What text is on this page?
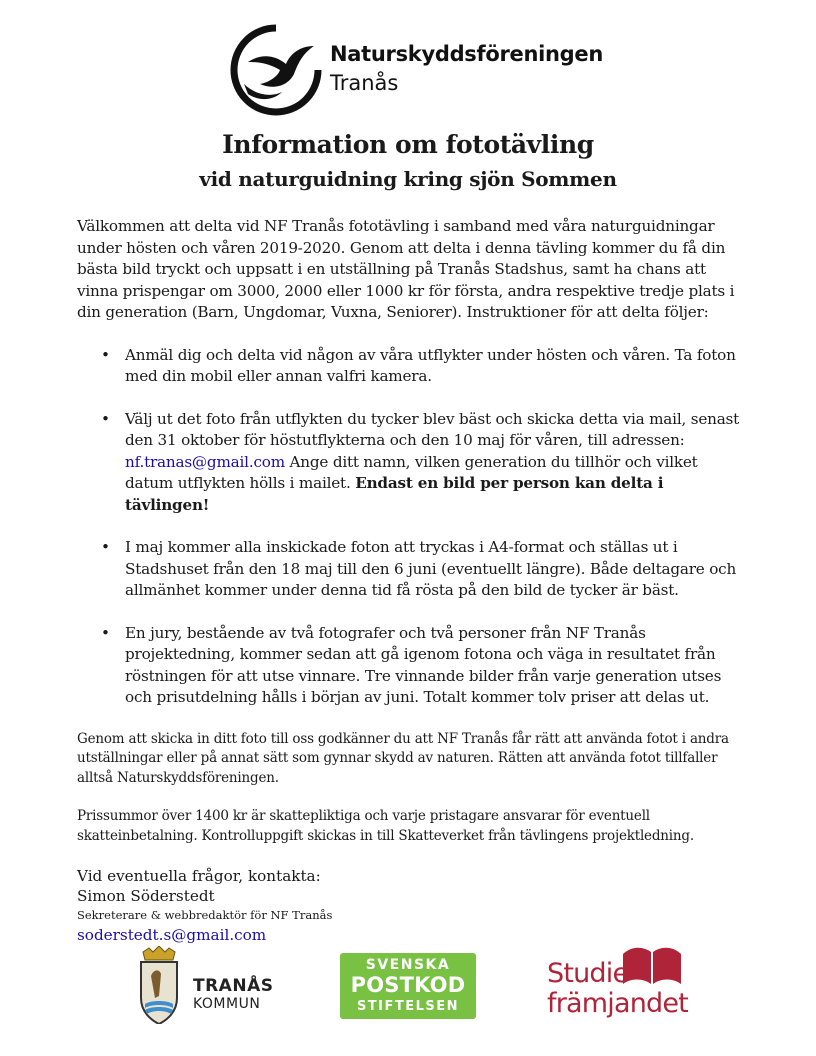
Naturskyddsföreningen
Tranås
Information om fototävling
vid naturguidning kring sjön Sommen

Välkommen att delta vid NF Tranås fototävling i samband med våra naturguidningar under hösten och våren 2019-2020. Genom att delta i denna tävling kommer du få din bästa bild tryckt och uppsatt i en utställning på Tranås Stadshus, samt ha chans att vinna prispengar om 3000, 2000 eller 1000 kr för första, andra respektive tredje plats i din generation (Barn, Ungdomar, Vuxna, Seniorer). Instruktioner för att delta följer:

• Anmäl dig och delta vid någon av våra utflykter under hösten och våren. Ta foton med din mobil eller annan valfri kamera.
• Välj ut det foto från utflykten du tycker blev bäst och skicka detta via mail, senast den 31 oktober för höstutflykterna och den 10 maj för våren, till adressen: nf.tranas@gmail.com Ange ditt namn, vilken generation du tillhör och vilket datum utflykten hölls i mailet. Endast en bild per person kan delta i tävlingen!
• I maj kommer alla inskickade foton att tryckas i A4-format och ställas ut i Stadshuset från den 18 maj till den 6 juni (eventuellt längre). Både deltagare och allmänhet kommer under denna tid få rösta på den bild de tycker är bäst.
• En jury, bestående av två fotografer och två personer från NF Tranås projektedning, kommer sedan att gå igenom fotona och väga in resultatet från röstningen för att utse vinnare. Tre vinnande bilder från varje generation utses och prisutdelning hålls i början av juni. Totalt kommer tolv priser att delas ut.

Genom att skicka in ditt foto till oss godkänner du att NF Tranås får rätt att använda fotot i andra utställningar eller på annat sätt som gynnar skydd av naturen. Rätten att använda fotot tillfaller alltså Naturskyddsföreningen.

Prissummor över 1400 kr är skattepliktiga och varje pristagare ansvarar för eventuell skatteinbetalning. Kontrolluppgift skickas in till Skatteverket från tävlingens projektledning.

Vid eventuella frågor, kontakta:
Simon Söderstedt
Sekreterare & webbredaktör för NF Tranås
soderstedt.s@gmail.com
TRANÅS
KOMMUN
SVENSKA
POSTKOD
STIFTELSEN
Studie
främjandet
